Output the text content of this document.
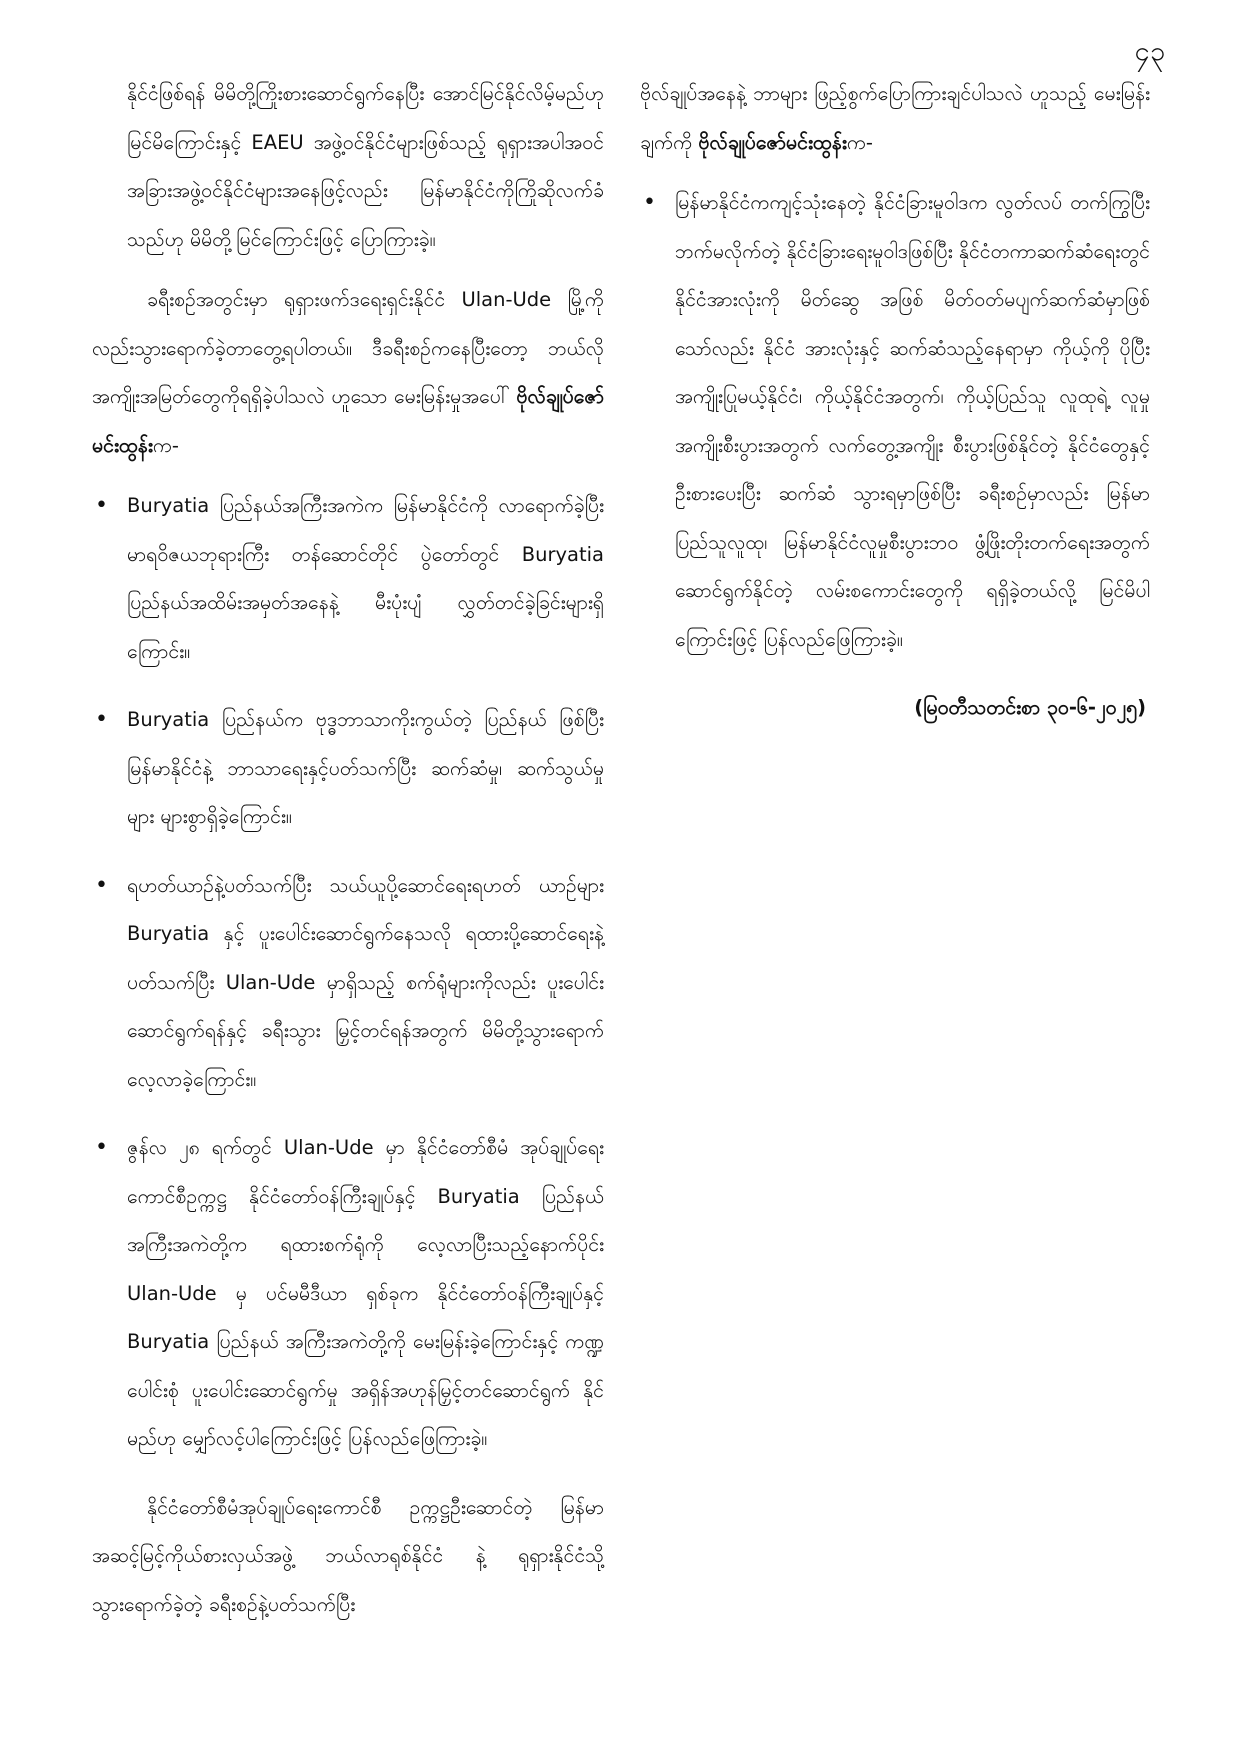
၄၃

နိုင်ငံဖြစ်ရန် မိမိတို့ကြိုးစားဆောင်ရွက်နေပြီး အောင်မြင်နိုင်လိမ့်မည်ဟု မြင်မိကြောင်းနှင့် EAEU အဖွဲ့ဝင်နိုင်ငံများဖြစ်သည့် ရုရှားအပါအဝင် အခြားအဖွဲ့ဝင်နိုင်ငံများအနေဖြင့်လည်း မြန်မာနိုင်ငံကိုကြိုဆိုလက်ခံသည်ဟု မိမိတို့မြင်ကြောင်းဖြင့် ပြောကြားခဲ့။

ခရီးစဉ်အတွင်းမှာ ရုရှားဖက်ဒရေးရှင်းနိုင်ငံ Ulan-Ude မြို့ကိုလည်းသွားရောက်ခဲ့တာတွေ့ရပါတယ်။ ဒီခရီးစဉ်ကနေပြီးတော့ ဘယ်လိုအကျိုးအမြတ်တွေကိုရရှိခဲ့ပါသလဲ ဟူသော မေးမြန်းမှုအပေါ် ဗိုလ်ချုပ်ဇော်မင်းထွန်းက-

• Buryatia ပြည်နယ်အကြီးအကဲက မြန်မာနိုင်ငံကို လာရောက်ခဲ့ပြီး မာရဝိဇယဘုရားကြီး တန်ဆောင်တိုင် ပွဲတော်တွင် Buryatia ပြည်နယ်အထိမ်းအမှတ်အနေနဲ့ မီးပုံးပျံ လွှတ်တင်ခဲ့ခြင်းများရှိကြောင်း။
• Buryatia ပြည်နယ်က ဗုဒ္ဓဘာသာကိုးကွယ်တဲ့ ပြည်နယ် ဖြစ်ပြီး မြန်မာနိုင်ငံနဲ့ ဘာသာရေးနှင့်ပတ်သက်ပြီး ဆက်ဆံမှု၊ ဆက်သွယ်မှုများ များစွာရှိခဲ့ကြောင်း။
• ရဟတ်ယာဉ်နဲ့ပတ်သက်ပြီး သယ်ယူပို့ဆောင်ရေးရဟတ် ယာဉ်များ Buryatia နှင့် ပူးပေါင်းဆောင်ရွက်နေသလို ရထားပို့ဆောင်ရေးနဲ့ပတ်သက်ပြီး Ulan-Ude မှာရှိသည့် စက်ရုံများကိုလည်း ပူးပေါင်းဆောင်ရွက်ရန်နှင့် ခရီးသွား မြှင့်တင်ရန်အတွက် မိမိတို့သွားရောက်လေ့လာခဲ့ကြောင်း။
• ဇွန်လ ၂၈ ရက်တွင် Ulan-Ude မှာ နိုင်ငံတော်စီမံ အုပ်ချုပ်ရေးကောင်စီဥက္ကဋ္ဌ နိုင်ငံတော်ဝန်ကြီးချုပ်နှင့် Buryatia ပြည်နယ်အကြီးအကဲတို့က ရထားစက်ရုံကို လေ့လာပြီးသည့်နောက်ပိုင်း Ulan-Ude မှ ပင်မမီဒီယာ ရှစ်ခုက နိုင်ငံတော်ဝန်ကြီးချုပ်နှင့် Buryatia ပြည်နယ် အကြီးအကဲတို့ကို မေးမြန်းခဲ့ကြောင်းနှင့် ကဏ္ဍပေါင်းစုံ ပူးပေါင်းဆောင်ရွက်မှု အရှိန်အဟုန်မြှင့်တင်ဆောင်ရွက် နိုင်မည်ဟု မျှော်လင့်ပါကြောင်းဖြင့် ပြန်လည်ဖြေကြားခဲ့။

နိုင်ငံတော်စီမံအုပ်ချုပ်ရေးကောင်စီ ဥက္ကဋ္ဌဦးဆောင်တဲ့ မြန်မာအဆင့်မြင့်ကိုယ်စားလှယ်အဖွဲ့ ဘယ်လာရုစ်နိုင်ငံ နဲ့ ရုရှားနိုင်ငံသို့ သွားရောက်ခဲ့တဲ့ ခရီးစဉ်နဲ့ပတ်သက်ပြီး

ဗိုလ်ချုပ်အနေနဲ့ ဘာများ ဖြည့်စွက်ပြောကြားချင်ပါသလဲ ဟူသည့် မေးမြန်းချက်ကို ဗိုလ်ချုပ်ဇော်မင်းထွန်းက-

• မြန်မာနိုင်ငံကကျင့်သုံးနေတဲ့ နိုင်ငံခြားမူဝါဒက လွတ်လပ် တက်ကြွပြီး ဘက်မလိုက်တဲ့ နိုင်ငံခြားရေးမူဝါဒဖြစ်ပြီး နိုင်ငံတကာဆက်ဆံရေးတွင် နိုင်ငံအားလုံးကို မိတ်ဆွေ အဖြစ် မိတ်ဝတ်မပျက်ဆက်ဆံမှာဖြစ်သော်လည်း နိုင်ငံ အားလုံးနှင့် ဆက်ဆံသည့်နေရာမှာ ကိုယ့်ကို ပိုပြီး အကျိုးပြုမယ့်နိုင်ငံ၊ ကိုယ့်နိုင်ငံအတွက်၊ ကိုယ့်ပြည်သူ လူထုရဲ့ လူမှုအကျိုးစီးပွားအတွက် လက်တွေ့အကျိုး စီးပွားဖြစ်နိုင်တဲ့ နိုင်ငံတွေနှင့် ဦးစားပေးပြီး ဆက်ဆံ သွားရမှာဖြစ်ပြီး ခရီးစဉ်မှာလည်း မြန်မာပြည်သူလူထု၊ မြန်မာနိုင်ငံလူမှုစီးပွားဘဝ ဖွံ့ဖြိုးတိုးတက်ရေးအတွက် ဆောင်ရွက်နိုင်တဲ့ လမ်းစကောင်းတွေကို ရရှိခဲ့တယ်လို့ မြင်မိပါကြောင်းဖြင့် ပြန်လည်ဖြေကြားခဲ့။
(မြဝတီသတင်းစာ ၃၀-၆-၂၀၂၅)
